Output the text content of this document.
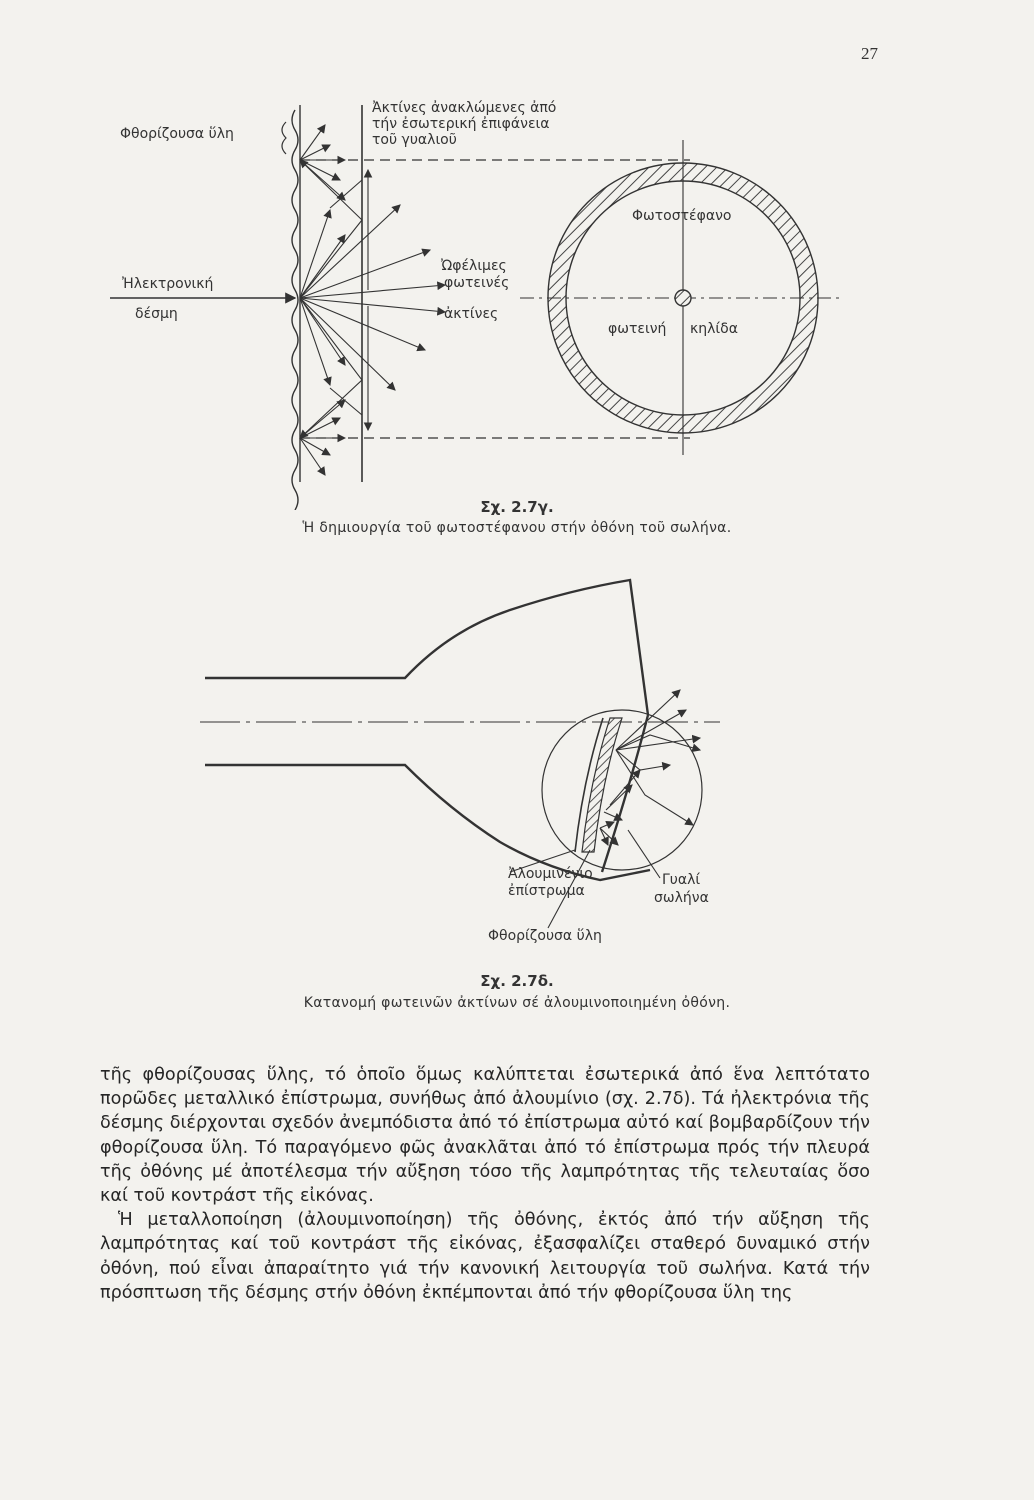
27
Φθορίζουσα ὕλη
Ἀκτίνες ἀνακλώμενες ἀπό
τήν ἐσωτερική ἐπιφάνεια
τοῦ γυαλιοῦ
Ἠλεκτρονική
δέσμη
Ὠφέλιμες
φωτεινές
ἀκτίνες
Φωτοστέφανο
φωτεινή κηλίδα
Σχ. 2.7γ.
Ἡ δημιουργία τοῦ φωτοστέφανου στήν ὀθόνη τοῦ σωλήνα.
Ἀλουμινένιο
ἐπίστρωμα
Γυαλί
σωλήνα
Φθορίζουσα ὕλη
Σχ. 2.7δ.
Κατανομή φωτεινῶν ἀκτίνων σέ ἀλουμινοποιημένη ὀθόνη.

τῆς φθορίζουσας ὕλης, τό ὁποῖο ὅμως καλύπτεται ἐσωτερικά ἀπό ἕνα λεπτότατο πορῶδες μεταλλικό ἐπίστρωμα, συνήθως ἀπό ἀλουμίνιο (σχ. 2.7δ). Τά ἠλεκτρόνια τῆς δέσμης διέρχονται σχεδόν ἀνεμπόδιστα ἀπό τό ἐπίστρωμα αὐτό καί βομβαρδίζουν τήν φθορίζουσα ὕλη. Τό παραγόμενο φῶς ἀνακλᾶται ἀπό τό ἐπίστρωμα πρός τήν πλευρά τῆς ὀθόνης μέ ἀποτέλεσμα τήν αὔξηση τόσο τῆς λαμπρότητας τῆς τελευταίας ὅσο καί τοῦ κοντράστ τῆς εἰκόνας.

Ἡ μεταλλοποίηση (ἀλουμινοποίηση) τῆς ὀθόνης, ἐκτός ἀπό τήν αὔξηση τῆς λαμπρότητας καί τοῦ κοντράστ τῆς εἰκόνας, ἐξασφαλίζει σταθερό δυναμικό στήν ὀθόνη, πού εἶναι ἀπαραίτητο γιά τήν κανονική λειτουργία τοῦ σωλήνα. Κατά τήν πρόσπτωση τῆς δέσμης στήν ὀθόνη ἐκπέμπονται ἀπό τήν φθορίζουσα ὕλη της
